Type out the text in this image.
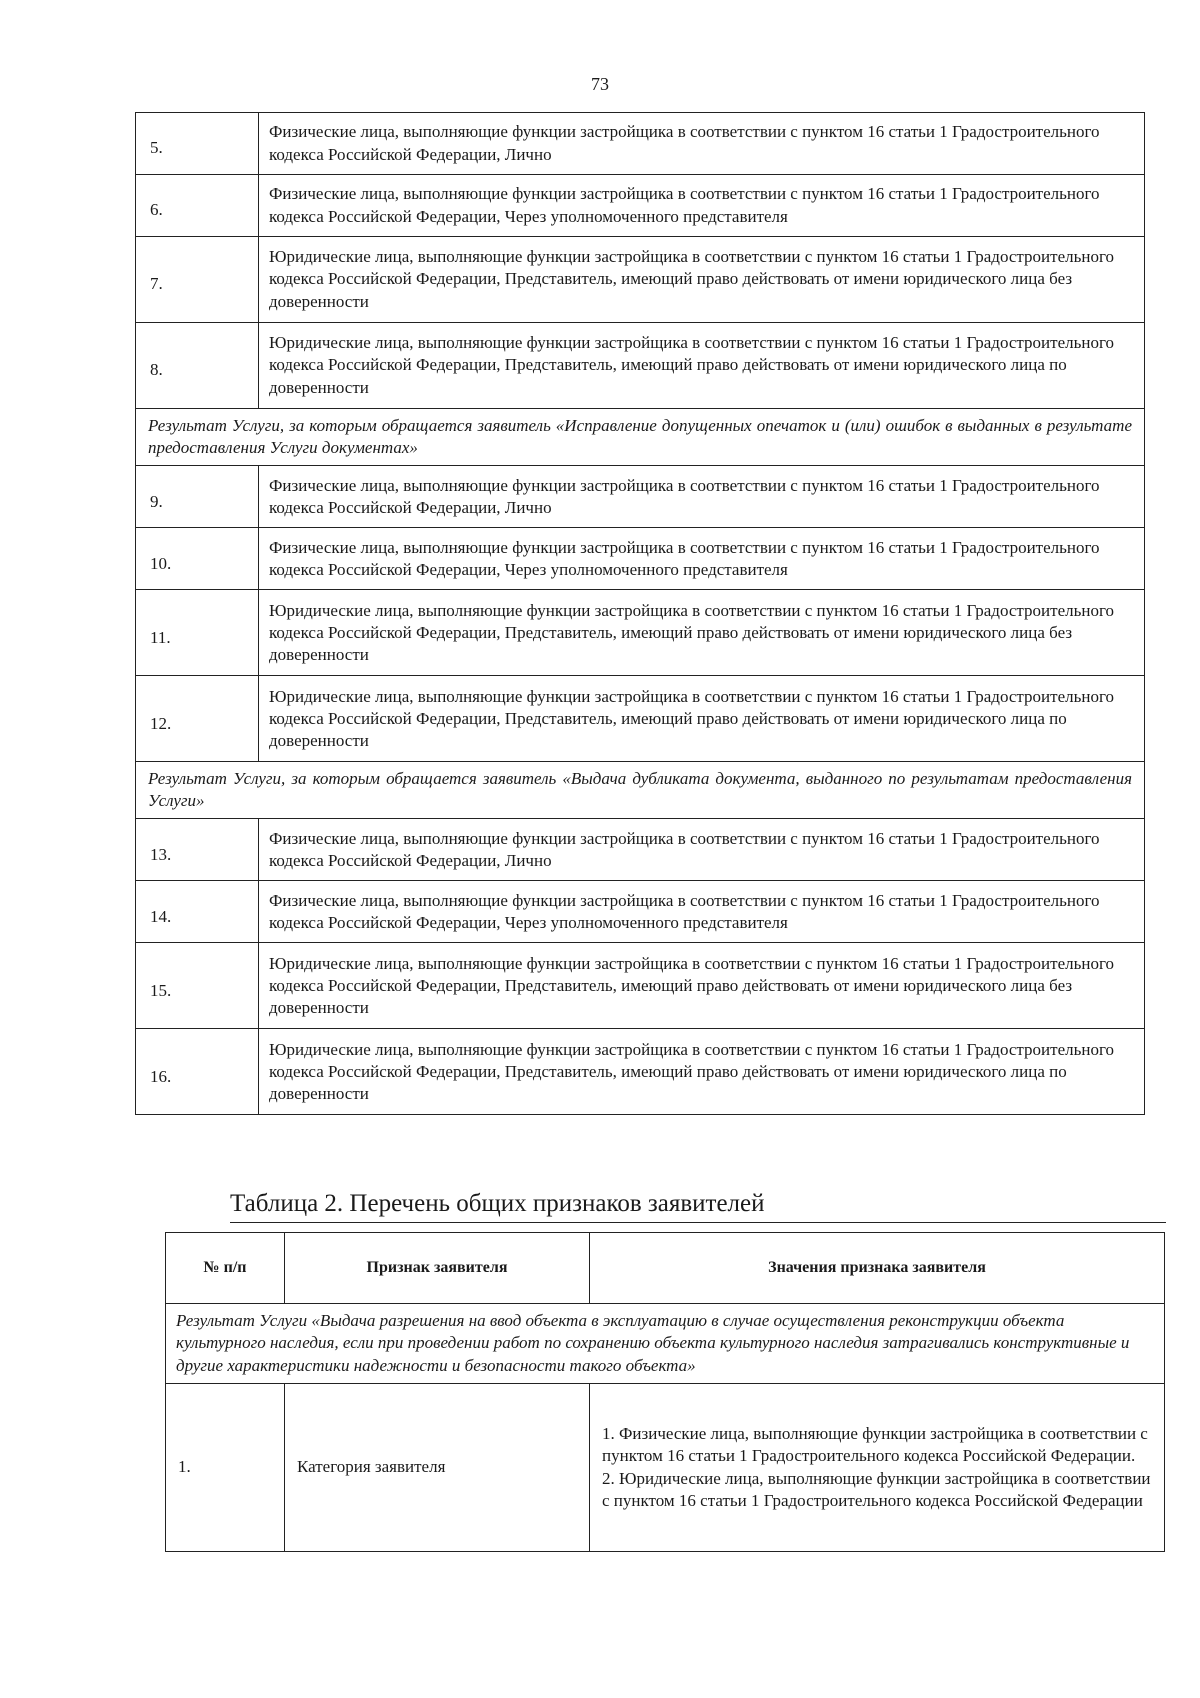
73
5.	Физические лица, выполняющие функции застройщика в соответствии с пунктом 16 статьи 1 Градостроительного кодекса Российской Федерации, Лично
6.	Физические лица, выполняющие функции застройщика в соответствии с пунктом 16 статьи 1 Градостроительного кодекса Российской Федерации, Через уполномоченного представителя
7.	Юридические лица, выполняющие функции застройщика в соответствии с пунктом 16 статьи 1 Градостроительного кодекса Российской Федерации, Представитель, имеющий право действовать от имени юридического лица без доверенности
8.	Юридические лица, выполняющие функции застройщика в соответствии с пунктом 16 статьи 1 Градостроительного кодекса Российской Федерации, Представитель, имеющий право действовать от имени юридического лица по доверенности
Результат Услуги, за которым обращается заявитель «Исправление допущенных опечаток и (или) ошибок в выданных в результате предоставления Услуги документах»	
9.	Физические лица, выполняющие функции застройщика в соответствии с пунктом 16 статьи 1 Градостроительного кодекса Российской Федерации, Лично
10.	Физические лица, выполняющие функции застройщика в соответствии с пунктом 16 статьи 1 Градостроительного кодекса Российской Федерации, Через уполномоченного представителя
11.	Юридические лица, выполняющие функции застройщика в соответствии с пунктом 16 статьи 1 Градостроительного кодекса Российской Федерации, Представитель, имеющий право действовать от имени юридического лица без доверенности
12.	Юридические лица, выполняющие функции застройщика в соответствии с пунктом 16 статьи 1 Градостроительного кодекса Российской Федерации, Представитель, имеющий право действовать от имени юридического лица по доверенности
Результат Услуги, за которым обращается заявитель «Выдача дубликата документа, выданного по результатам предоставления Услуги»	
13.	Физические лица, выполняющие функции застройщика в соответствии с пунктом 16 статьи 1 Градостроительного кодекса Российской Федерации, Лично
14.	Физические лица, выполняющие функции застройщика в соответствии с пунктом 16 статьи 1 Градостроительного кодекса Российской Федерации, Через уполномоченного представителя
15.	Юридические лица, выполняющие функции застройщика в соответствии с пунктом 16 статьи 1 Градостроительного кодекса Российской Федерации, Представитель, имеющий право действовать от имени юридического лица без доверенности
16.	Юридические лица, выполняющие функции застройщика в соответствии с пунктом 16 статьи 1 Градостроительного кодекса Российской Федерации, Представитель, имеющий право действовать от имени юридического лица по доверенности
Таблица 2. Перечень общих признаков заявителей
№ п/п	Признак заявителя	Значения признака заявителя
Результат Услуги «Выдача разрешения на ввод объекта в эксплуатацию в случае осуществления реконструкции объекта культурного наследия, если при проведении работ по сохранению объекта культурного наследия затрагивались конструктивные и другие характеристики надежности и безопасности такого объекта»		
1.	Категория заявителя	1. Физические лица, выполняющие функции застройщика в соответствии с пунктом 16 статьи 1 Градостроительного кодекса Российской Федерации.
2. Юридические лица, выполняющие функции застройщика в соответствии с пунктом 16 статьи 1 Градостроительного кодекса Российской Федерации
